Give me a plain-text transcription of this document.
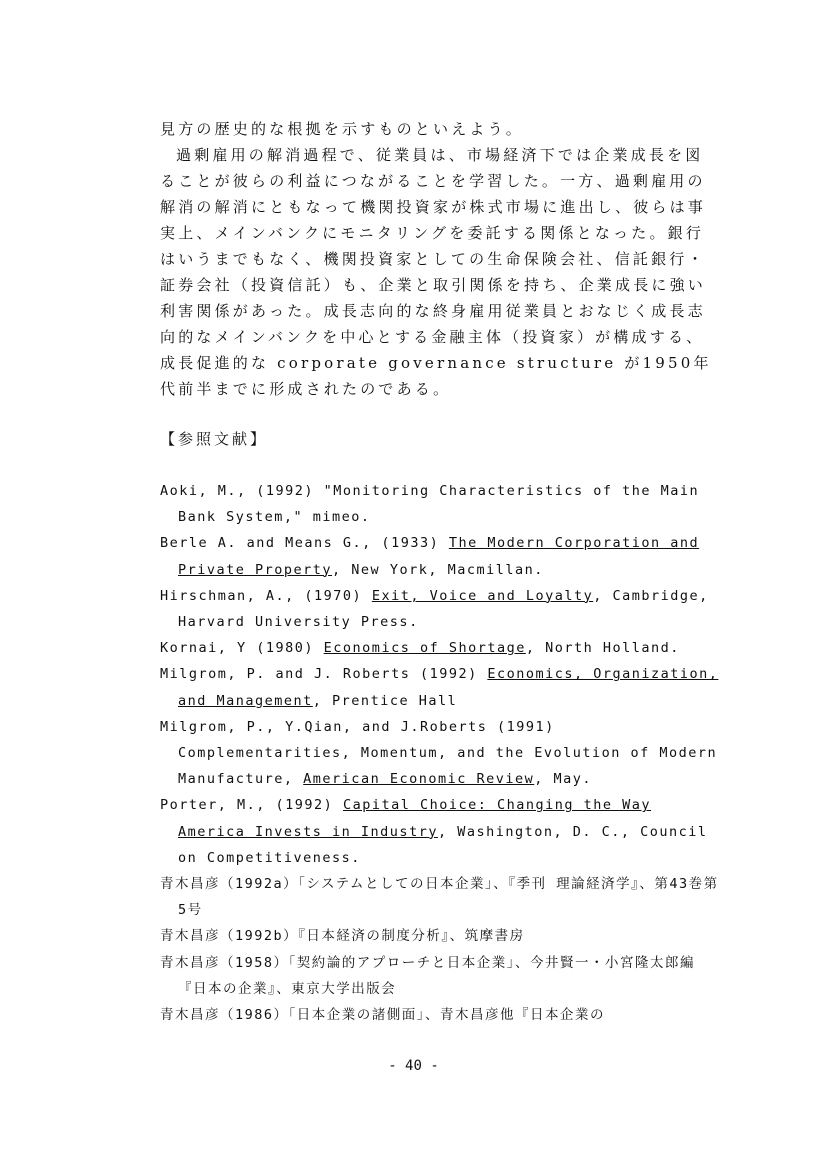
見方の歴史的な根拠を示すものといえよう。

過剰雇用の解消過程で、従業員は、市場経済下では企業成長を図ることが彼らの利益につながることを学習した。一方、過剰雇用の解消の解消にともなって機関投資家が株式市場に進出し、彼らは事実上、メインバンクにモニタリングを委託する関係となった。銀行はいうまでもなく、機関投資家としての生命保険会社、信託銀行・証券会社（投資信託）も、企業と取引関係を持ち、企業成長に強い利害関係があった。成長志向的な終身雇用従業員とおなじく成長志向的なメインバンクを中心とする金融主体（投資家）が構成する、成長促進的な corporate governance structure が1950年代前半までに形成されたのである。

【参照文献】

Aoki, M., (1992) "Monitoring Characteristics of the Main Bank System," mimeo.

Berle A. and Means G., (1933) The Modern Corporation and Private Property, New York, Macmillan.

Hirschman, A., (1970) Exit, Voice and Loyalty, Cambridge, Harvard University Press.

Kornai, Y (1980) Economics of Shortage, North Holland.

Milgrom, P. and J. Roberts (1992) Economics, Organization, and Management, Prentice Hall

Milgrom, P., Y.Qian, and J.Roberts (1991) Complementarities, Momentum, and the Evolution of Modern Manufacture, American Economic Review, May.

Porter, M., (1992) Capital Choice: Changing the Way America Invests in Industry, Washington, D. C., Council on Competitiveness.

青木昌彦（1992a）「システムとしての日本企業」、『季刊 理論経済学』、第43巻第5号

青木昌彦（1992b）『日本経済の制度分析』、筑摩書房

青木昌彦（1958）「契約論的アプローチと日本企業」、今井賢一・小宮隆太郎編『日本の企業』、東京大学出版会

青木昌彦（1986）「日本企業の諸側面」、青木昌彦他『日本企業の

- 40 -
